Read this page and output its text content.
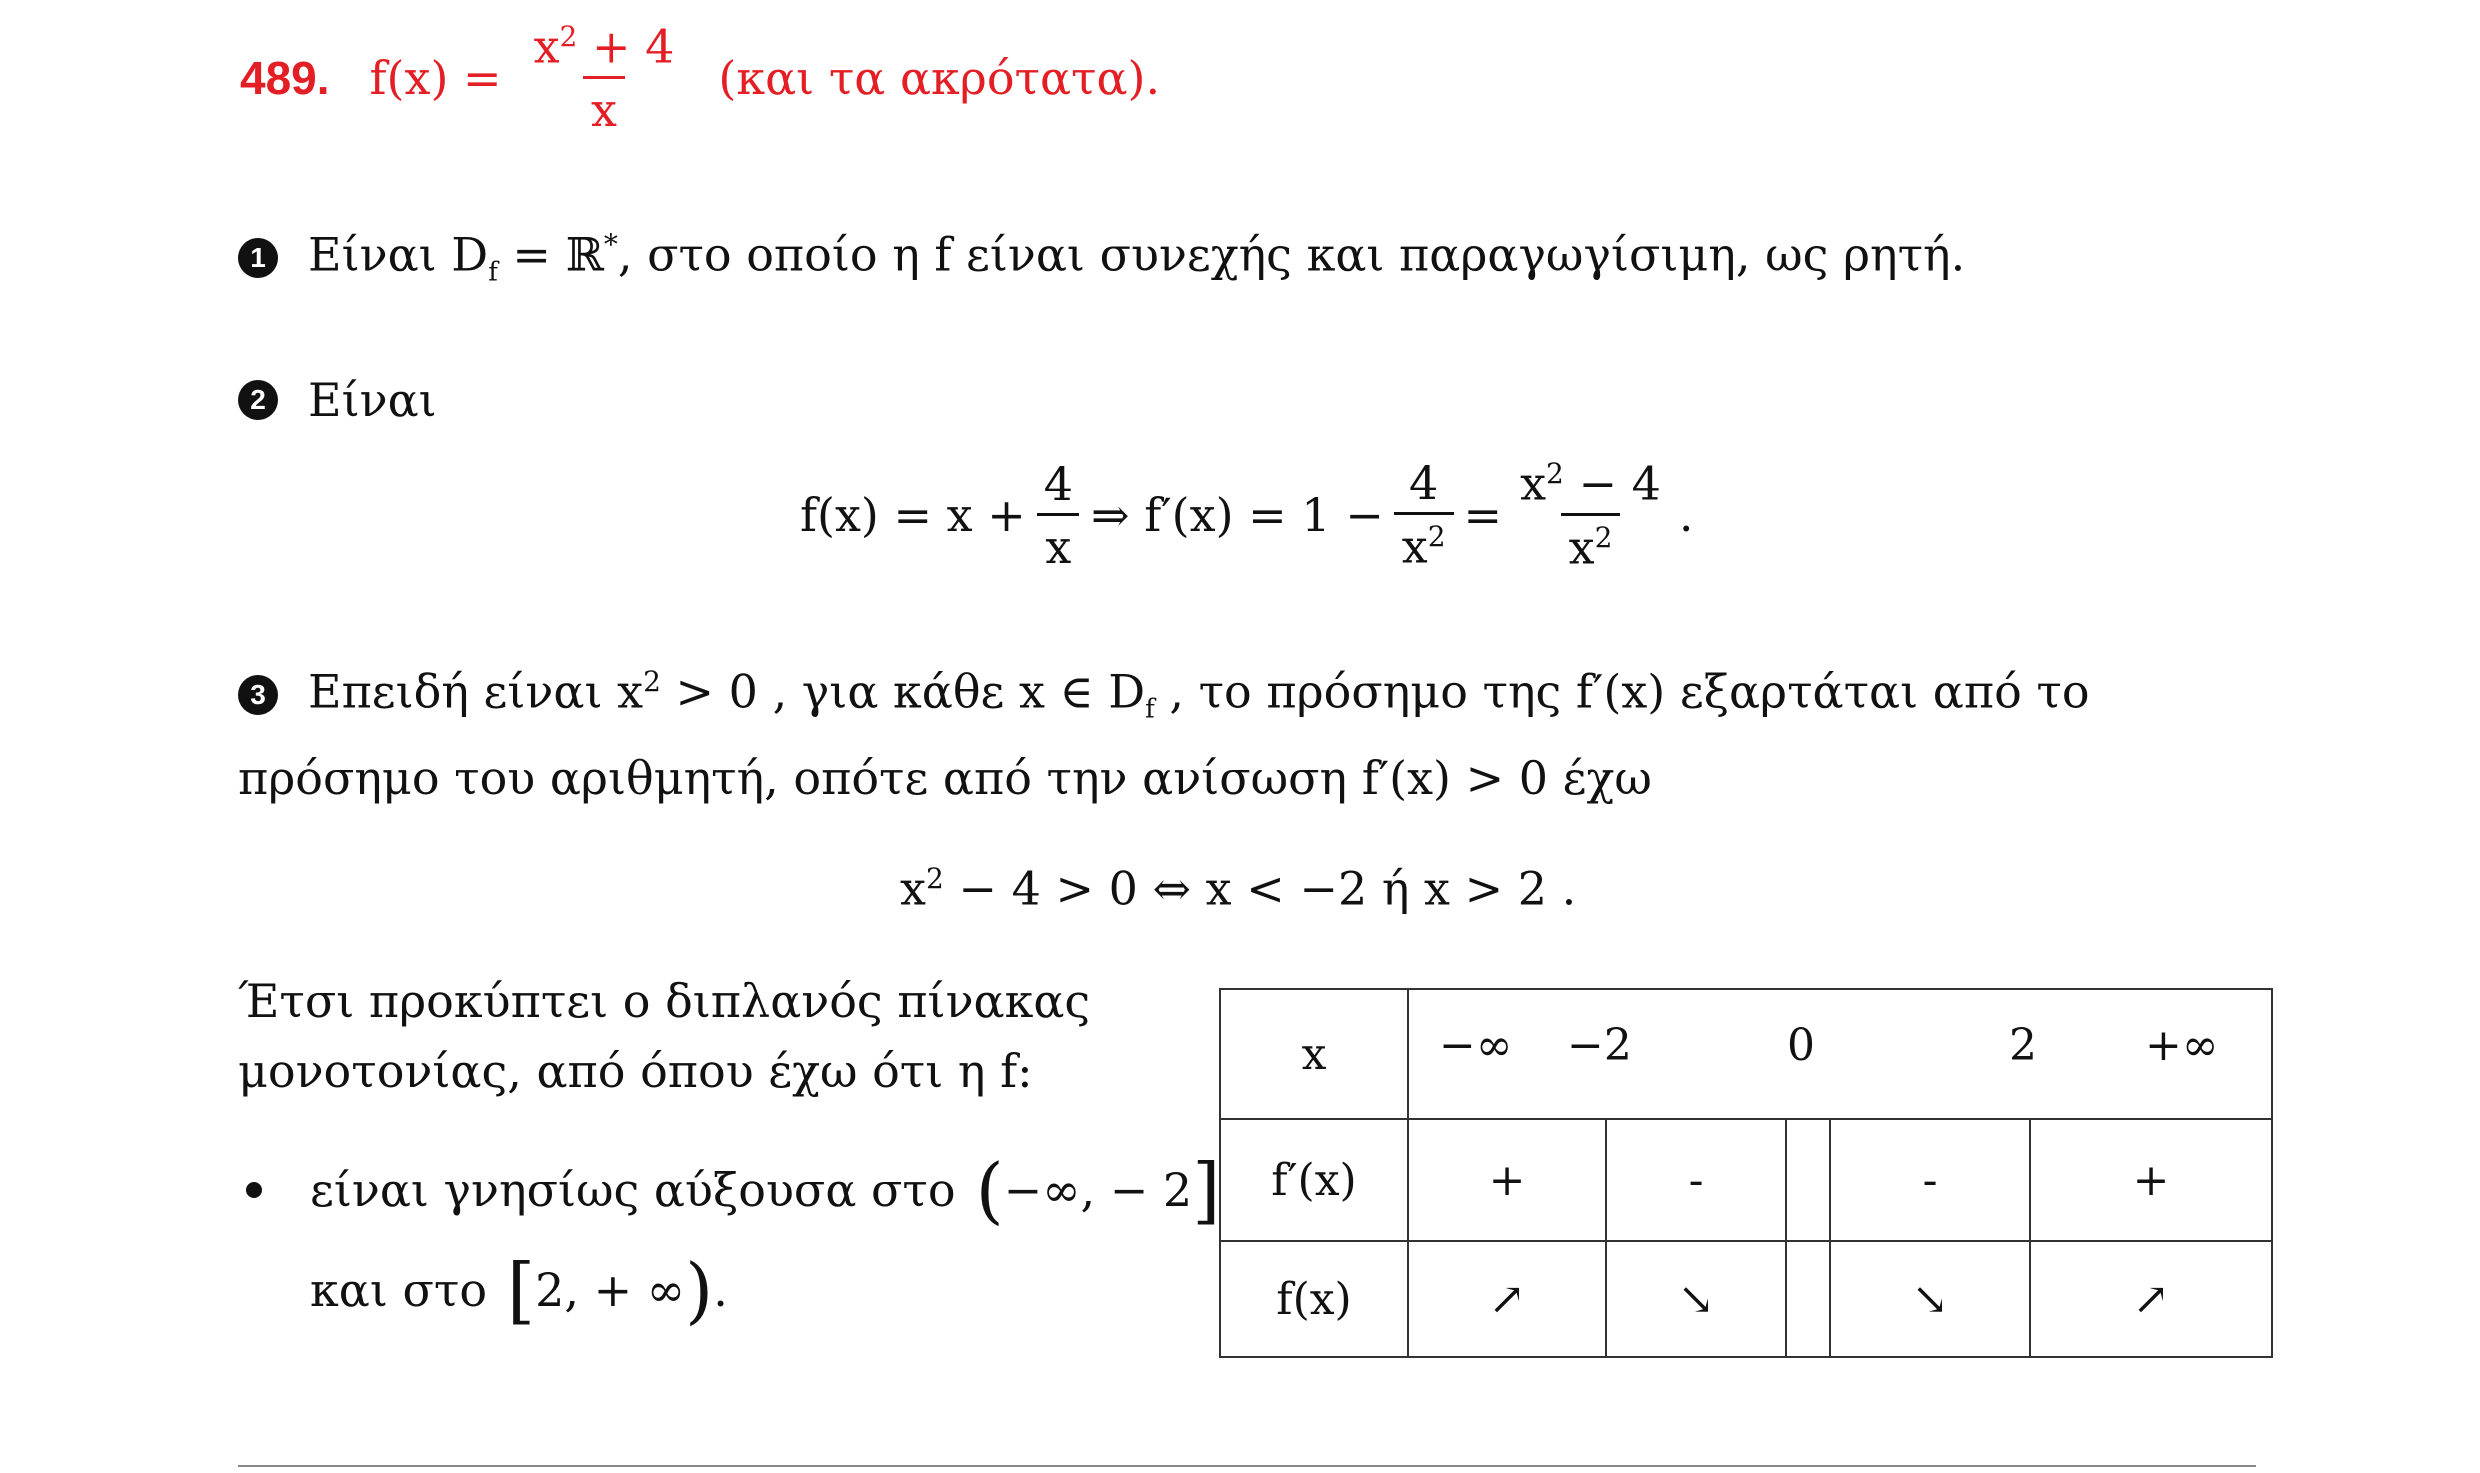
489. $f(x) = \frac{x^2 + 4}{x} (\kappa\alpha\iota$ τα ακρότατα).
1 Είναι $D_f$ = ℝ*, στο οποίο η f είναι συνεχής και παραγωγίσιμη, ως ρητή.
2 Είναι
$f(x) = x + \frac{4}{x}$ ⇒ $f'(x) = 1 - \frac{4}{x^2} = \frac{x^2 - 4}{x^2}$ .
3 Επειδή είναι $x^2 > 0$ , για κάθε x ∈ $D_f$ , το πρόσημο της f′(x) εξαρτάται από το
πρόσημο του αριθμητή, οπότε από την ανίσωση f′(x) > 0 έχω
$x^2 - 4 > 0$ ⇔ x < −2 ή x > 2 .
Έτσι προκύπτει ο διπλανός πίνακας
μονοτονίας, από όπου έχω ότι η f:
είναι γνησίως αύξουσα στο ( −∞, − 2 ]
και στο [ 2, + ∞ ) .
x	−∞ −2 0 2 +∞				

f′(x)	+	-		-	+
f(x)	↗	↘		↘	↗
